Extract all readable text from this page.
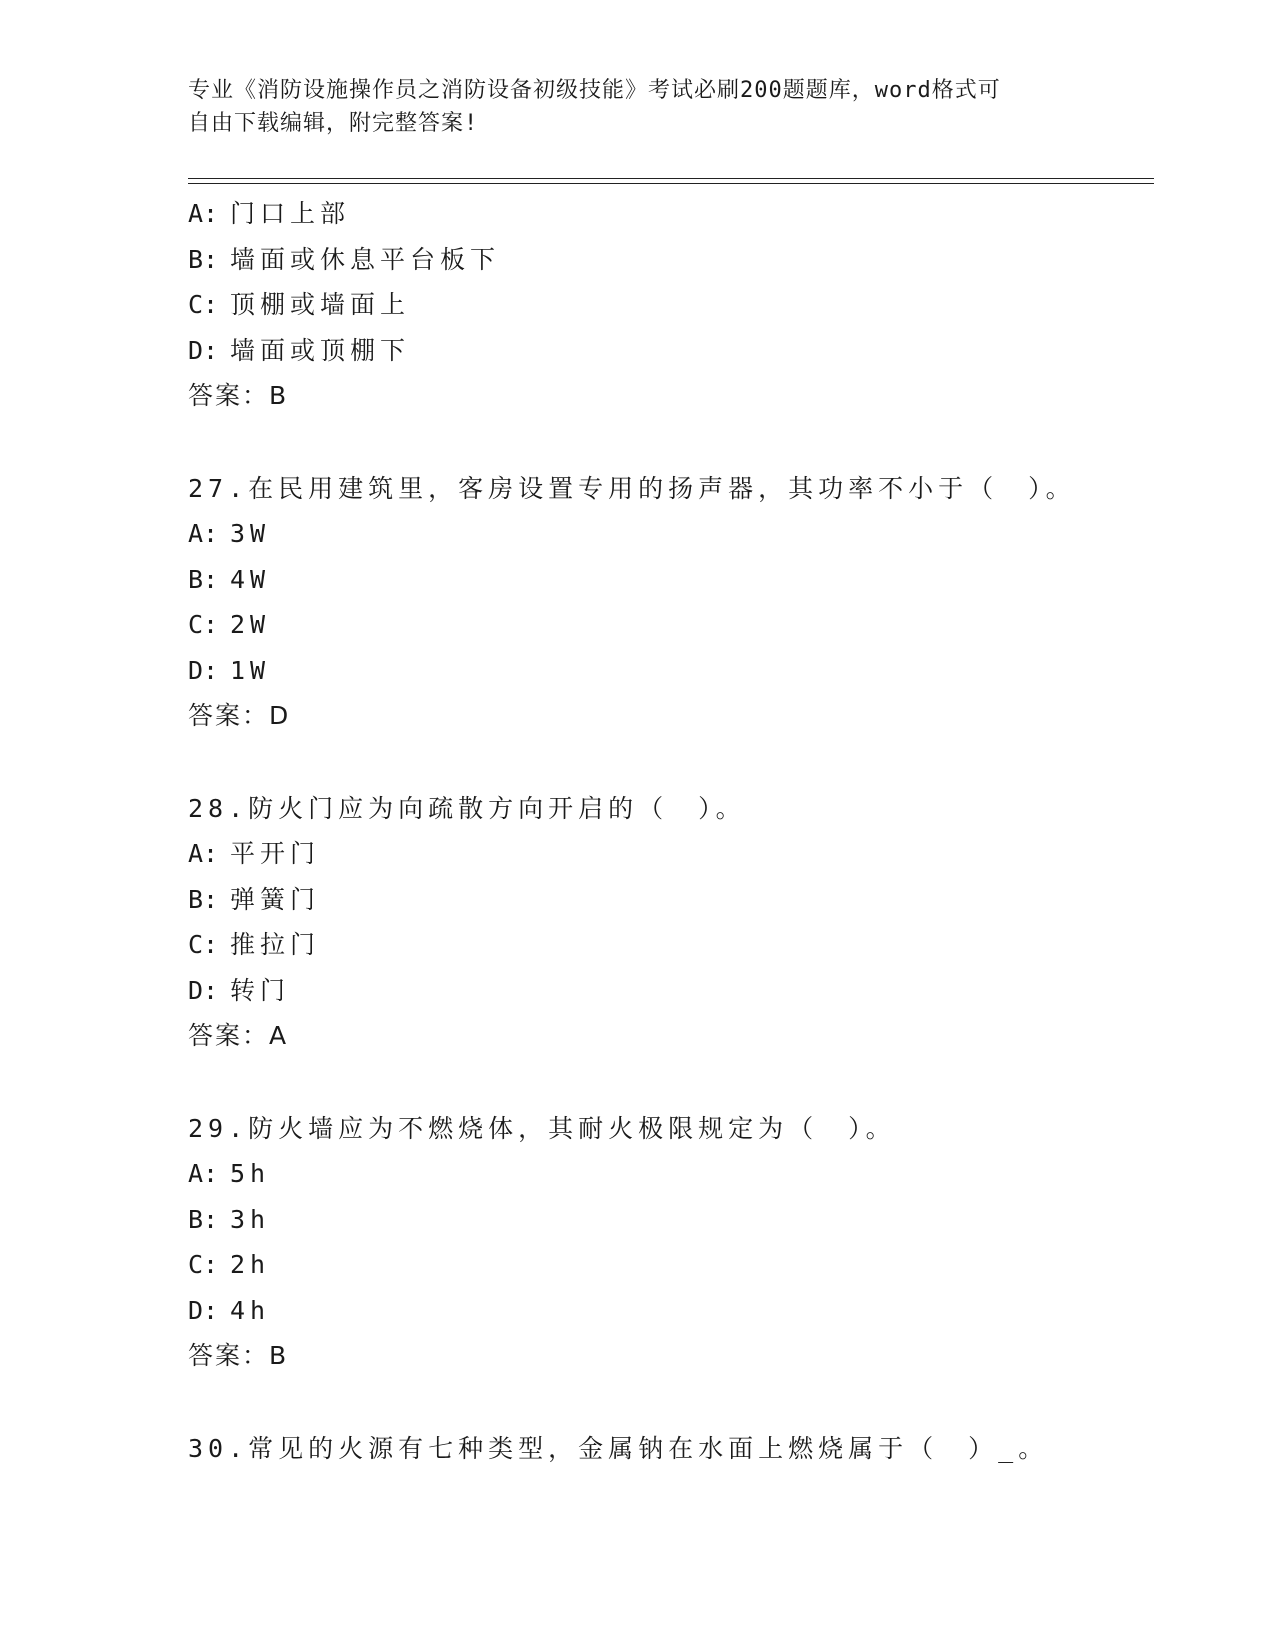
专业《消防设施操作员之消防设备初级技能》考试必刷200题题库，word格式可
自由下载编辑，附完整答案!
A: 门口上部
B: 墙面或休息平台板下
C: 顶棚或墙面上
D: 墙面或顶棚下
答案：B
27.在民用建筑里，客房设置专用的扬声器，其功率不小于（　）。
A: 3W
B: 4W
C: 2W
D: 1W
答案：D
28.防火门应为向疏散方向开启的（　）。
A: 平开门
B: 弹簧门
C: 推拉门
D: 转门
答案：A
29.防火墙应为不燃烧体，其耐火极限规定为（　）。
A: 5h
B: 3h
C: 2h
D: 4h
答案：B
30.常见的火源有七种类型，金属钠在水面上燃烧属于（　）_。
